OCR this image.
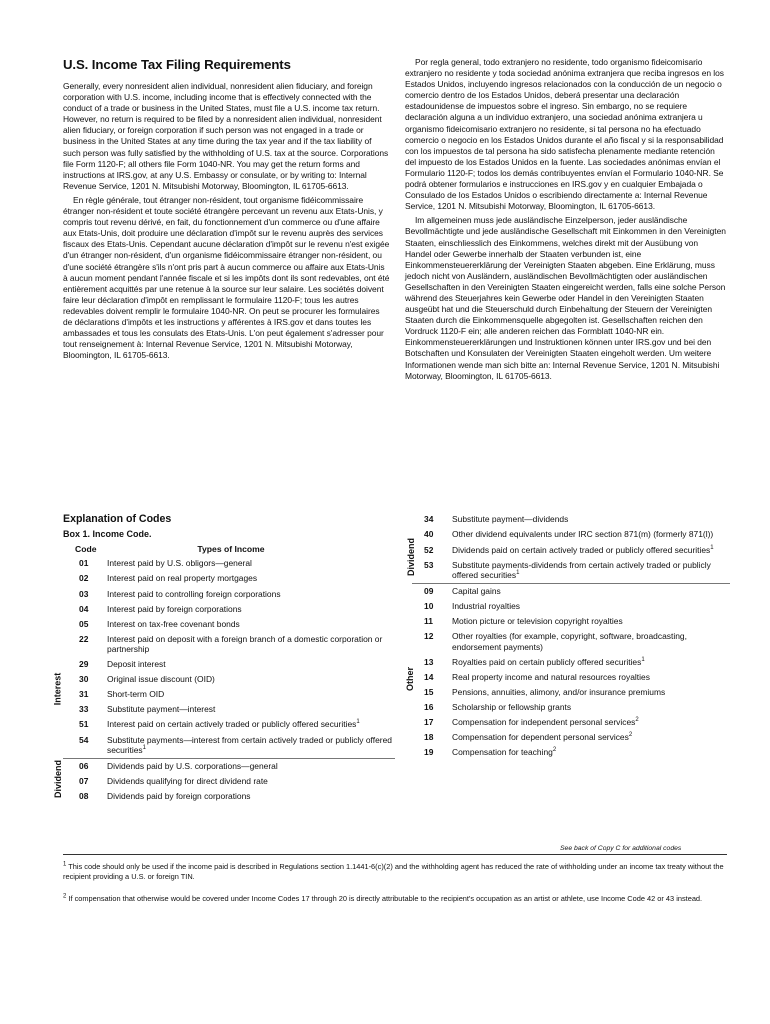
U.S. Income Tax Filing Requirements

Generally, every nonresident alien individual, nonresident alien fiduciary, and foreign corporation with U.S. income, including income that is effectively connected with the conduct of a trade or business in the United States, must file a U.S. income tax return. However, no return is required to be filed by a nonresident alien individual, nonresident alien fiduciary, or foreign corporation if such person was not engaged in a trade or business in the United States at any time during the tax year and if the tax liability of such person was fully satisfied by the withholding of U.S. tax at the source. Corporations file Form 1120-F; all others file Form 1040-NR. You may get the return forms and instructions at IRS.gov, at any U.S. Embassy or consulate, or by writing to: Internal Revenue Service, 1201 N. Mitsubishi Motorway, Bloomington, IL 61705-6613.

En règle générale, tout étranger non-résident, tout organisme fidéicommissaire étranger non-résident et toute société étrangère percevant un revenu aux Etats-Unis, y compris tout revenu dérivé, en fait, du fonctionnement d'un commerce ou d'une affaire aux Etats-Unis, doit produire une déclaration d'impôt sur le revenu auprès des services fiscaux des Etats-Unis. Cependant aucune déclaration d'impôt sur le revenu n'est exigée d'un étranger non-résident, d'un organisme fidéicommissaire étranger non-résident, ou d'une société étrangère s'ils n'ont pris part à aucun commerce ou affaire aux Etats-Unis à aucun moment pendant l'année fiscale et si les impôts dont ils sont redevables, ont été entièrement acquittés par une retenue à la source sur leur salaire. Les sociétés doivent faire leur déclaration d'impôt en remplissant le formulaire 1120-F; tous les autres redevables doivent remplir le formulaire 1040-NR. On peut se procurer les formulaires de déclarations d'impôts et les instructions y afférentes à IRS.gov et dans toutes les ambassades et tous les consulats des Etats-Unis. L'on peut également s'adresser pour tout renseignement à: Internal Revenue Service, 1201 N. Mitsubishi Motorway, Bloomington, IL 61705-6613.

Por regla general, todo extranjero no residente, todo organismo fideicomisario extranjero no residente y toda sociedad anónima extranjera que reciba ingresos en los Estados Unidos, incluyendo ingresos relacionados con la conducción de un negocio o comercio dentro de los Estados Unidos, deberá presentar una declaración estadounidense de impuestos sobre el ingreso. Sin embargo, no se requiere declaración alguna a un individuo extranjero, una sociedad anónima extranjera u organismo fideicomisario extranjero no residente, si tal persona no ha efectuado comercio o negocio en los Estados Unidos durante el año fiscal y si la responsabilidad con los impuestos de tal persona ha sido satisfecha plenamente mediante retención del impuesto de los Estados Unidos en la fuente. Las sociedades anónimas envían el Formulario 1120-F; todos los demás contribuyentes envían el Formulario 1040-NR. Se podrá obtener formularios e instrucciones en IRS.gov y en cualquier Embajada o Consulado de los Estados Unidos o escribiendo directamente a: Internal Revenue Service, 1201 N. Mitsubishi Motorway, Bloomington, IL 61705-6613.

Im allgemeinen muss jede ausländische Einzelperson, jeder ausländische Bevollmächtigte und jede ausländische Gesellschaft mit Einkommen in den Vereinigten Staaten, einschliesslich des Einkommens, welches direkt mit der Ausübung von Handel oder Gewerbe innerhalb der Staaten verbunden ist, eine Einkommensteuererklärung der Vereinigten Staaten abgeben. Eine Erklärung, muss jedoch nicht von Ausländern, ausländischen Bevollmächtigten oder ausländischen Gesellschaften in den Vereinigten Staaten eingereicht werden, falls eine solche Person während des Steuerjahres kein Gewerbe oder Handel in den Vereinigten Staaten ausgeübt hat und die Steuerschuld durch Einbehaltung der Steuern der Vereinigten Staaten durch die Einkommensquelle abgegolten ist. Gesellschaften reichen den Vordruck 1120-F ein; alle anderen reichen das Formblatt 1040-NR ein. Einkommensteuererklärungen und Instruktionen können unter IRS.gov und bei den Botschaften und Konsulaten der Vereinigten Staaten eingeholt werden. Um weitere Informationen wende man sich bitte an: Internal Revenue Service, 1201 N. Mitsubishi Motorway, Bloomington, IL 61705-6613.

Explanation of Codes
Box 1. Income Code.
Code	Types of Income
Interest
01	Interest paid by U.S. obligors—general
02	Interest paid on real property mortgages
03	Interest paid to controlling foreign corporations
04	Interest paid by foreign corporations
05	Interest on tax-free covenant bonds
22	Interest paid on deposit with a foreign branch of a domestic corporation or partnership
29	Deposit interest
30	Original issue discount (OID)
31	Short-term OID
33	Substitute payment—interest
51	Interest paid on certain actively traded or publicly offered securities$^1$
54	Substitute payments—interest from certain actively traded or publicly offered securities$^1$
Dividend	06	Dividends paid by U.S. corporations—general
07	Dividends qualifying for direct dividend rate
08	Dividends paid by foreign corporations
Dividend
34	Substitute payment—dividends
40	Other dividend equivalents under IRC section 871(m) (formerly 871(l))
52	Dividends paid on certain actively traded or publicly offered securities$^1$
53	Substitute payments-dividends from certain actively traded or publicly offered securities$^1$
Other
09	Capital gains
10	Industrial royalties
11	Motion picture or television copyright royalties
12	Other royalties (for example, copyright, software, broadcasting, endorsement payments)
13	Royalties paid on certain publicly offered securities$^1$
14	Real property income and natural resources royalties
15	Pensions, annuities, alimony, and/or insurance premiums
16	Scholarship or fellowship grants
17	Compensation for independent personal services$^2$
18	Compensation for dependent personal services$^2$
19	Compensation for teaching$^2$
See back of Copy C for additional codes
$^1$ This code should only be used if the income paid is described in Regulations section 1.1441-6(c)(2) and the withholding agent has reduced the rate of withholding under an income tax treaty without the recipient providing a U.S. or foreign TIN.
$^2$ If compensation that otherwise would be covered under Income Codes 17 through 20 is directly attributable to the recipient's occupation as an artist or athlete, use Income Code 42 or 43 instead.
